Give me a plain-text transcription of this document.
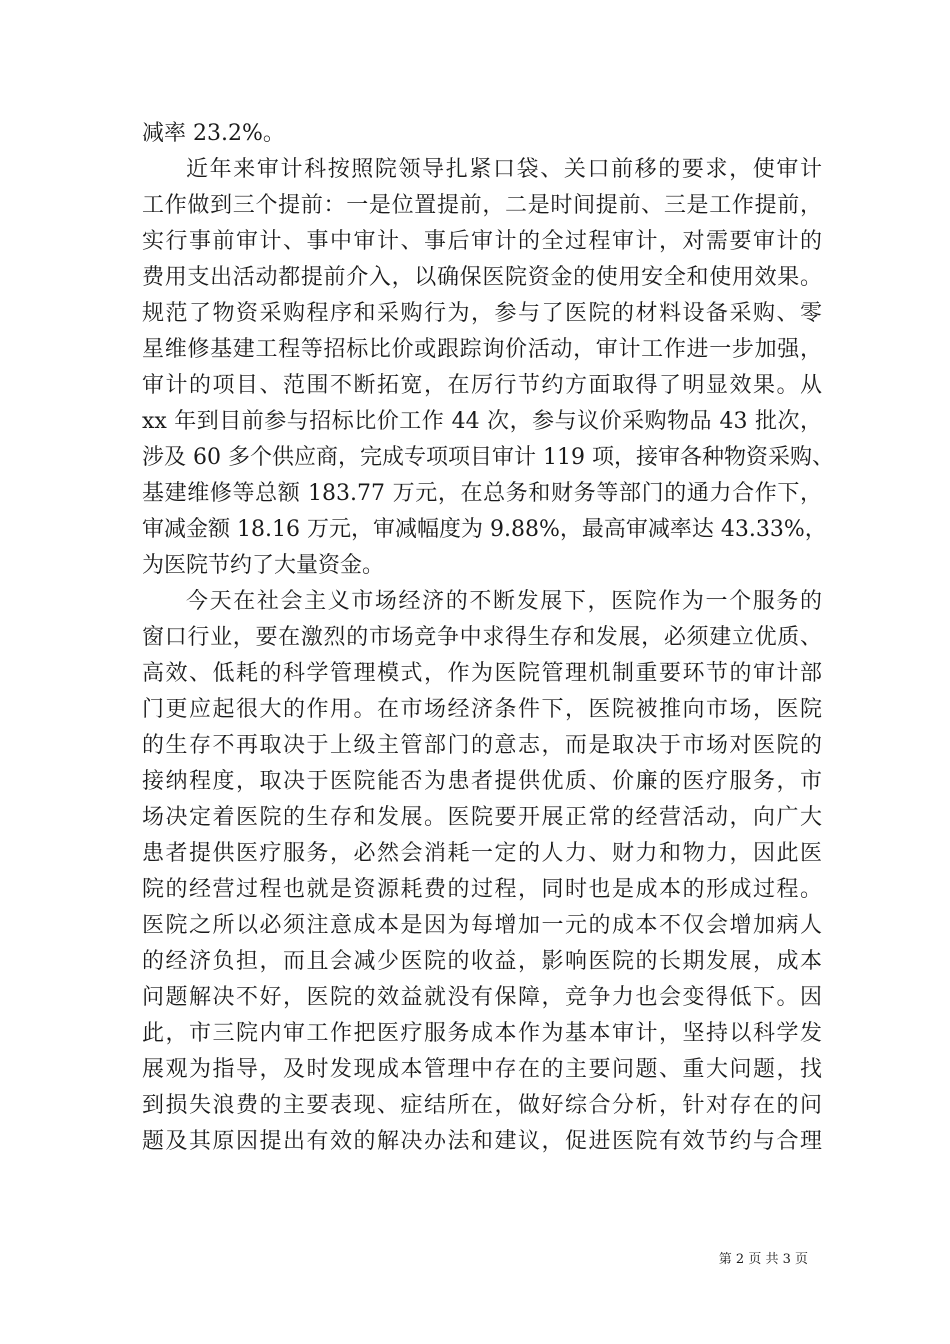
减率 23.2%。
近年来审计科按照院领导扎紧口袋、关口前移的要求，使审计
工作做到三个提前：一是位置提前，二是时间提前、三是工作提前，
实行事前审计、事中审计、事后审计的全过程审计，对需要审计的
费用支出活动都提前介入，以确保医院资金的使用安全和使用效果。
规范了物资采购程序和采购行为，参与了医院的材料设备采购、零
星维修基建工程等招标比价或跟踪询价活动，审计工作进一步加强，
审计的项目、范围不断拓宽，在厉行节约方面取得了明显效果。从
xx 年到目前参与招标比价工作 44 次，参与议价采购物品 43 批次，
涉及 60 多个供应商，完成专项项目审计 119 项，接审各种物资采购、
基建维修等总额 183.77 万元，在总务和财务等部门的通力合作下，
审减金额 18.16 万元，审减幅度为 9.88%，最高审减率达 43.33%，
为医院节约了大量资金。
今天在社会主义市场经济的不断发展下，医院作为一个服务的
窗口行业，要在激烈的市场竞争中求得生存和发展，必须建立优质、
高效、低耗的科学管理模式，作为医院管理机制重要环节的审计部
门更应起很大的作用。在市场经济条件下，医院被推向市场，医院
的生存不再取决于上级主管部门的意志，而是取决于市场对医院的
接纳程度，取决于医院能否为患者提供优质、价廉的医疗服务，市
场决定着医院的生存和发展。医院要开展正常的经营活动，向广大
患者提供医疗服务，必然会消耗一定的人力、财力和物力，因此医
院的经营过程也就是资源耗费的过程，同时也是成本的形成过程。
医院之所以必须注意成本是因为每增加一元的成本不仅会增加病人
的经济负担，而且会减少医院的收益，影响医院的长期发展，成本
问题解决不好，医院的效益就没有保障，竞争力也会变得低下。因
此，市三院内审工作把医疗服务成本作为基本审计，坚持以科学发
展观为指导，及时发现成本管理中存在的主要问题、重大问题，找
到损失浪费的主要表现、症结所在，做好综合分析，针对存在的问
题及其原因提出有效的解决办法和建议，促进医院有效节约与合理
第 2 页 共 3 页
